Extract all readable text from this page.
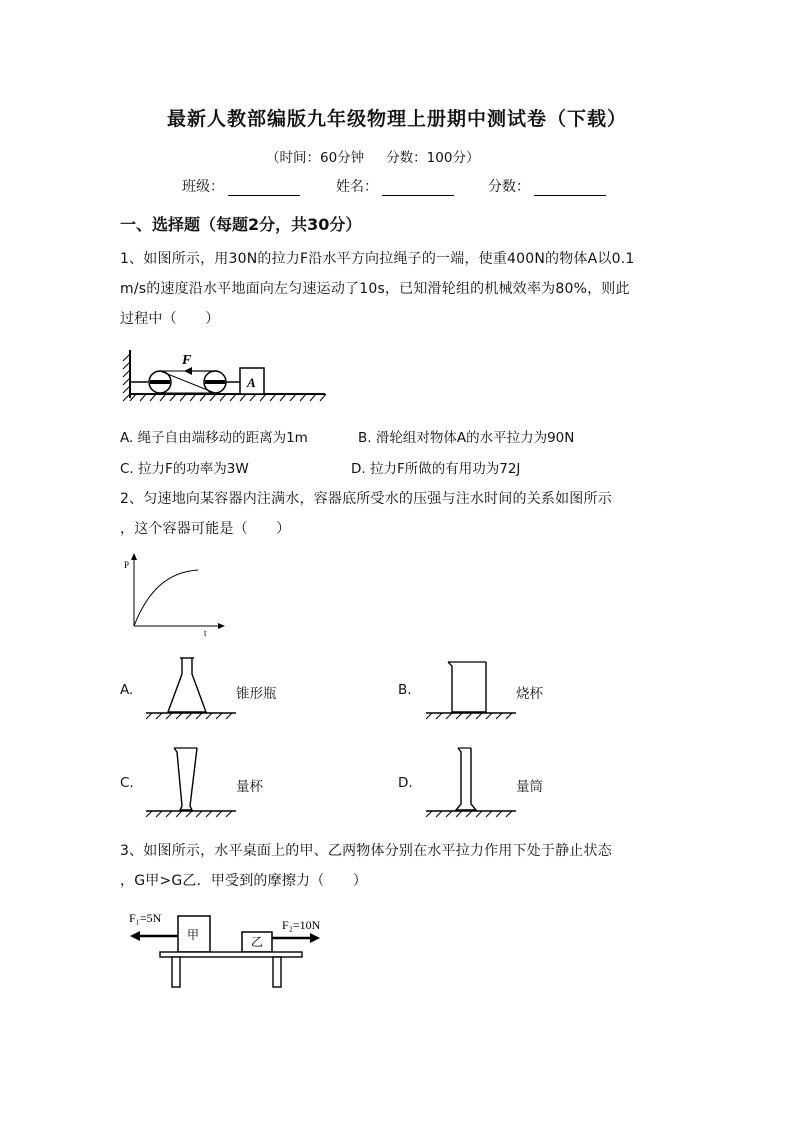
最新人教部编版九年级物理上册期中测试卷（下载）
（时间：60分钟 分数：100分）
班级：	姓名：	分数：
一、选择题（每题2分，共30分）
1、如图所示，用30N的拉力F沿水平方向拉绳子的一端，使重400N的物体A以0.1
m/s的速度沿水平地面向左匀速运动了10s，已知滑轮组的机械效率为80%，则此
过程中（　　）
A
F
A. 绳子自由端移动的距离为1m	B. 滑轮组对物体A的水平拉力为90N
C. 拉力F的功率为3W	D. 拉力F所做的有用功为72J
2、匀速地向某容器内注满水，容器底所受水的压强与注水时间的关系如图所示
，这个容器可能是（　　）
P
t
A.	锥形瓶	B.	烧杯
C.	量杯	D.	量筒
3、如图所示，水平桌面上的甲、乙两物体分别在水平拉力作用下处于静止状态
，G甲>G乙．甲受到的摩擦力（　　）
F₁=5N
甲	乙
F₂=10N
